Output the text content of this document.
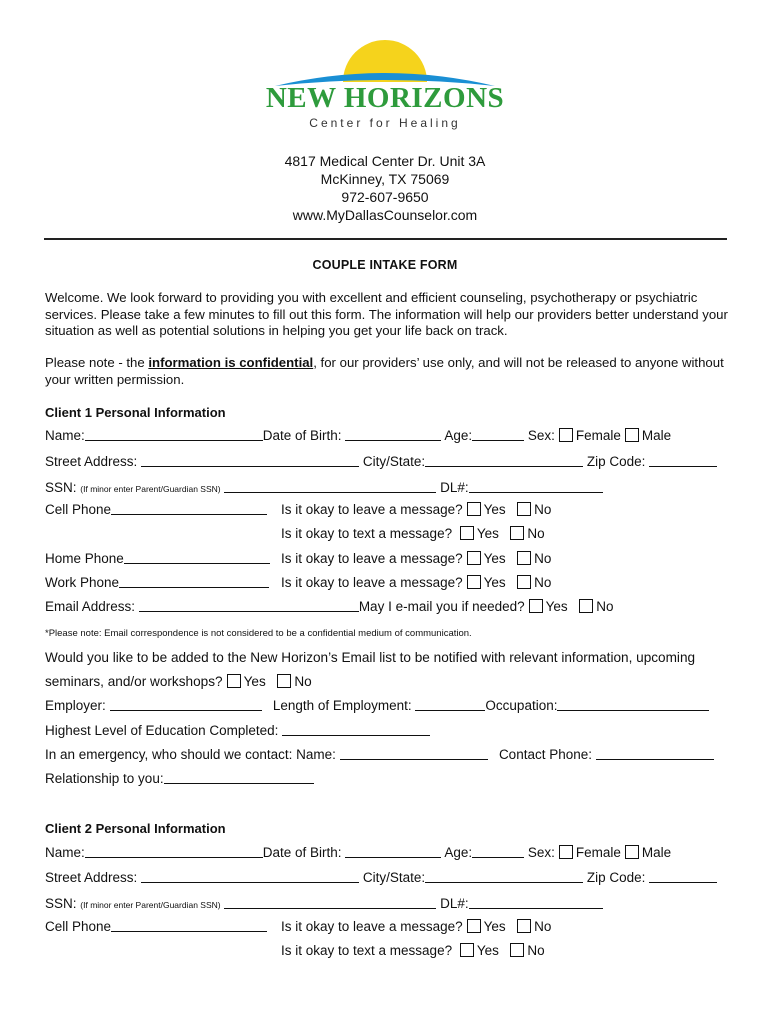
NEW HORIZONS
Center for Healing
4817 Medical Center Dr. Unit 3A
McKinney, TX 75069
972-607-9650
www.MyDallasCounselor.com
COUPLE INTAKE FORM
Welcome. We look forward to providing you with excellent and efficient counseling, psychotherapy or psychiatric services. Please take a few minutes to fill out this form. The information will help our providers better understand your situation as well as potential solutions in helping you get your life back on track.
Please note - the information is confidential, for our providers’ use only, and will not be released to anyone without your written permission.
Client 1 Personal Information
Name:	Date of Birth:	Age:	Sex: Female Male
Street Address:	City/State:	Zip Code:
SSN: (If minor enter Parent/Guardian SSN)	DL#:
Cell Phone	Is it okay to leave a message? Yes No
Is it okay to text a message? Yes No
Home Phone	Is it okay to leave a message? Yes No
Work Phone	Is it okay to leave a message? Yes No
Email Address:	May I e-mail you if needed? Yes No
*Please note: Email correspondence is not considered to be a confidential medium of communication.
Would you like to be added to the New Horizon’s Email list to be notified with relevant information, upcoming
seminars, and/or workshops? Yes No
Employer:	Length of Employment:	Occupation:
Highest Level of Education Completed:
In an emergency, who should we contact: Name:	Contact Phone:
Relationship to you:
Client 2 Personal Information
Name:	Date of Birth:	Age:	Sex: Female Male
Street Address:	City/State:	Zip Code:
SSN: (If minor enter Parent/Guardian SSN)	DL#:
Cell Phone	Is it okay to leave a message? Yes No
Is it okay to text a message? Yes No
